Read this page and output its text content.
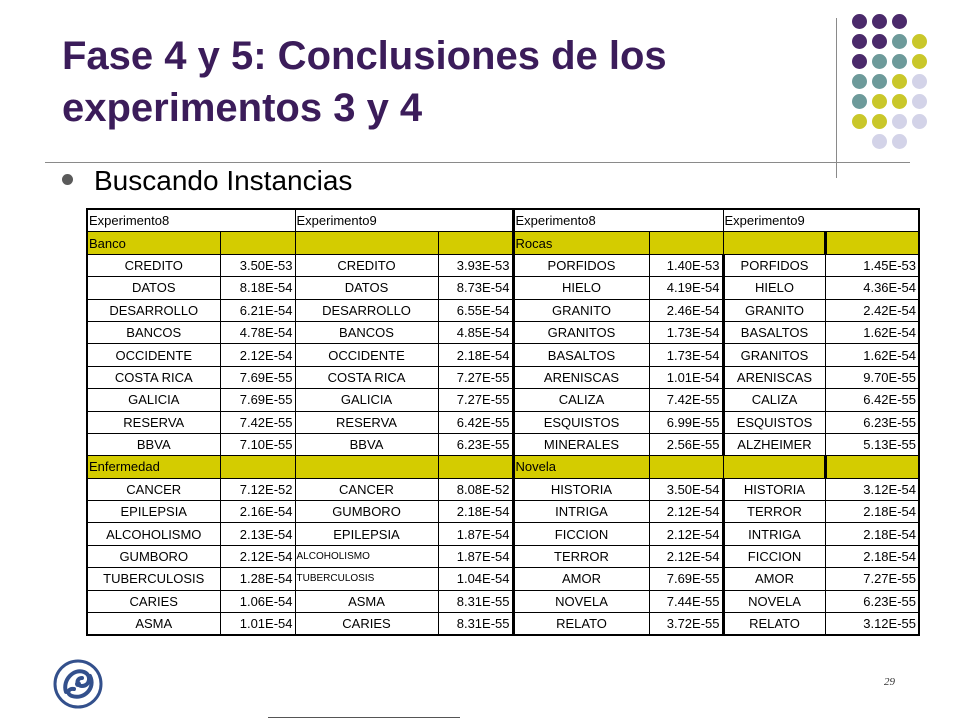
Fase 4 y 5: Conclusiones de los experimentos 3 y 4
Buscando Instancias
Experimento8		Experimento9		Experimento8		Experimento9	
Banco				Rocas			
CREDITO	3.50E-53	CREDITO	3.93E-53	PORFIDOS	1.40E-53	PORFIDOS	1.45E-53
DATOS	8.18E-54	DATOS	8.73E-54	HIELO	4.19E-54	HIELO	4.36E-54
DESARROLLO	6.21E-54	DESARROLLO	6.55E-54	GRANITO	2.46E-54	GRANITO	2.42E-54
BANCOS	4.78E-54	BANCOS	4.85E-54	GRANITOS	1.73E-54	BASALTOS	1.62E-54
OCCIDENTE	2.12E-54	OCCIDENTE	2.18E-54	BASALTOS	1.73E-54	GRANITOS	1.62E-54
COSTA RICA	7.69E-55	COSTA RICA	7.27E-55	ARENISCAS	1.01E-54	ARENISCAS	9.70E-55
GALICIA	7.69E-55	GALICIA	7.27E-55	CALIZA	7.42E-55	CALIZA	6.42E-55
RESERVA	7.42E-55	RESERVA	6.42E-55	ESQUISTOS	6.99E-55	ESQUISTOS	6.23E-55
BBVA	7.10E-55	BBVA	6.23E-55	MINERALES	2.56E-55	ALZHEIMER	5.13E-55
Enfermedad				Novela			
CANCER	7.12E-52	CANCER	8.08E-52	HISTORIA	3.50E-54	HISTORIA	3.12E-54
EPILEPSIA	2.16E-54	GUMBORO	2.18E-54	INTRIGA	2.12E-54	TERROR	2.18E-54
ALCOHOLISMO	2.13E-54	EPILEPSIA	1.87E-54	FICCION	2.12E-54	INTRIGA	2.18E-54
GUMBORO	2.12E-54	ALCOHOLISMO	1.87E-54	TERROR	2.12E-54	FICCION	2.18E-54
TUBERCULOSIS	1.28E-54	TUBERCULOSIS	1.04E-54	AMOR	7.69E-55	AMOR	7.27E-55
CARIES	1.06E-54	ASMA	8.31E-55	NOVELA	7.44E-55	NOVELA	6.23E-55
ASMA	1.01E-54	CARIES	8.31E-55	RELATO	3.72E-55	RELATO	3.12E-55
29
